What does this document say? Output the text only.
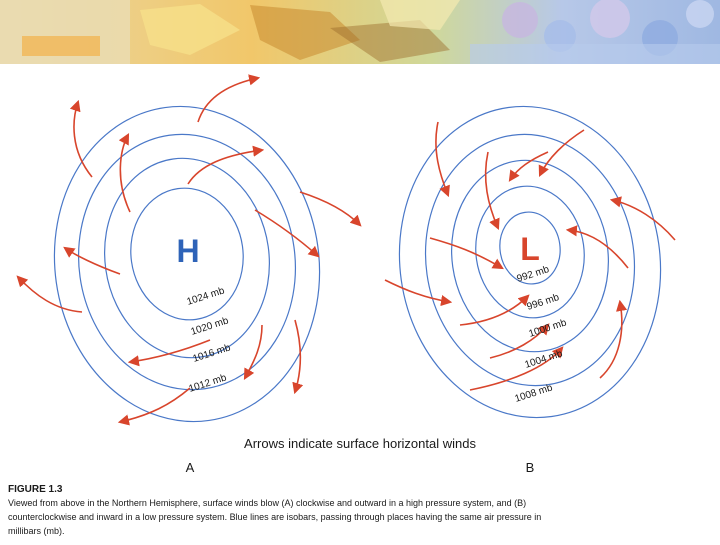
H
1024 mb
1020 mb
1016 mb
1012 mb
L
992 mb
996 mb
1000 mb
1004 mb
1008 mb
Arrows indicate surface horizontal winds
A	B
FIGURE 1.3
Viewed from above in the Northern Hemisphere, surface winds blow (A) clockwise and outward in a high pressure system, and (B)
counterclockwise and inward in a low pressure system. Blue lines are isobars, passing through places having the same air pressure in
millibars (mb).
